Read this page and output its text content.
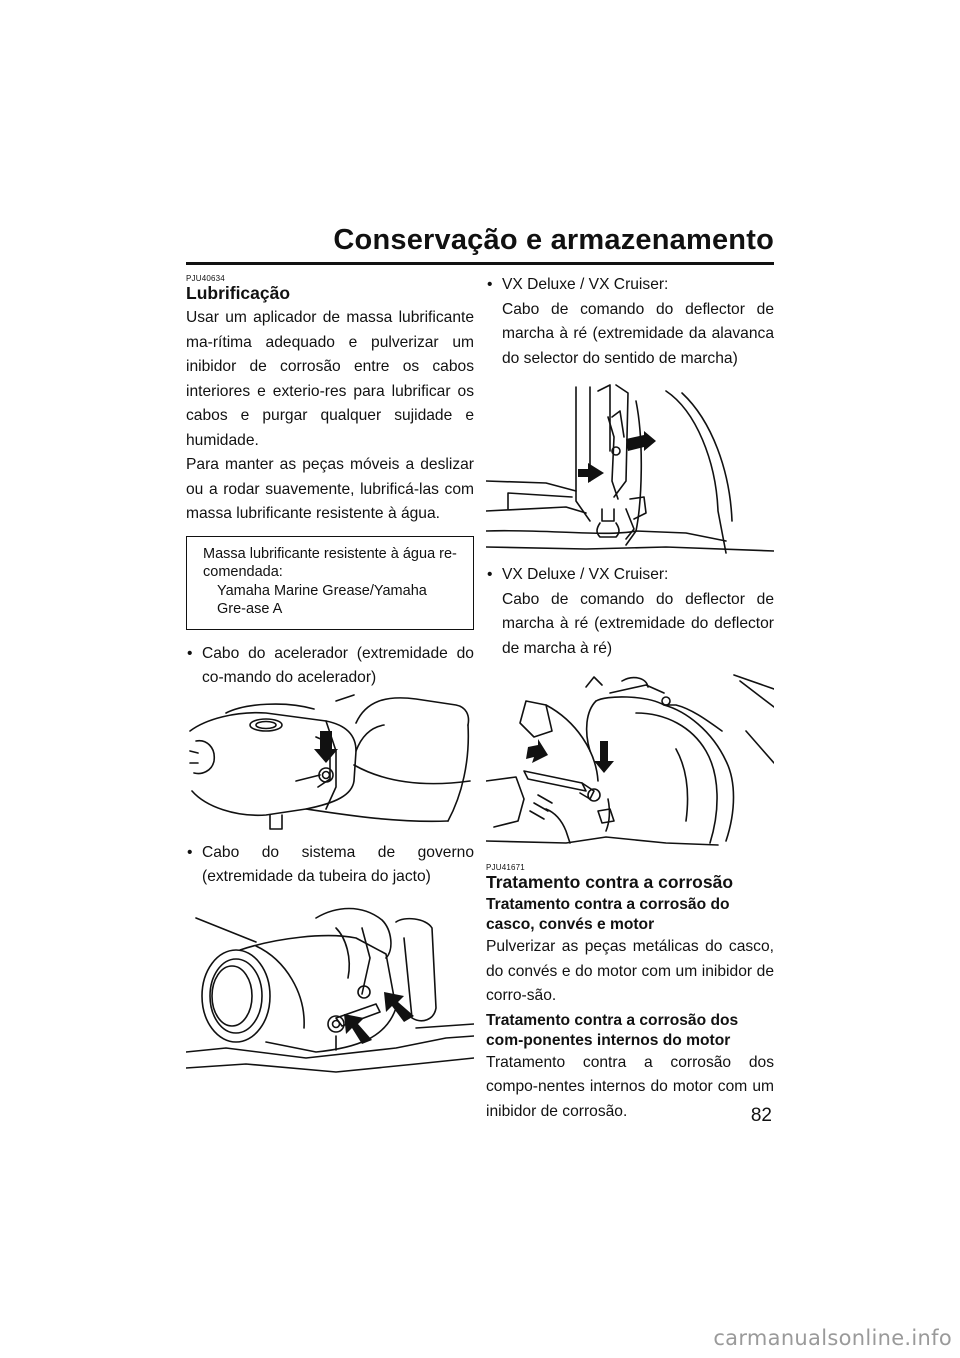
Conservação e armazenamento

PJU40634

Lubrificação

Usar um aplicador de massa lubrificante ma-rítima adequado e pulverizar um inibidor de corrosão entre os cabos interiores e exterio-res para lubrificar os cabos e purgar qualquer sujidade e humidade.

Para manter as peças móveis a deslizar ou a rodar suavemente, lubrificá-las com massa lubrificante resistente à água.

Massa lubrificante resistente à água re-comendada:
Yamaha Marine Grease/Yamaha Gre-ase A

• Cabo do acelerador (extremidade do co-mando do acelerador)

• Cabo do sistema de governo (extremidade da tubeira do jacto)

• VX Deluxe / VX Cruiser:
Cabo de comando do deflector de marcha à ré (extremidade da alavanca do selector do sentido de marcha)

• VX Deluxe / VX Cruiser:
Cabo de comando do deflector de marcha à ré (extremidade do deflector de marcha à ré)

PJU41671

Tratamento contra a corrosão

Tratamento contra a corrosão do casco, convés e motor

Pulverizar as peças metálicas do casco, do convés e do motor com um inibidor de corro-são.

Tratamento contra a corrosão dos com-ponentes internos do motor

Tratamento contra a corrosão dos compo-nentes internos do motor com um inibidor de corrosão.	82
carmanualsonline.info
